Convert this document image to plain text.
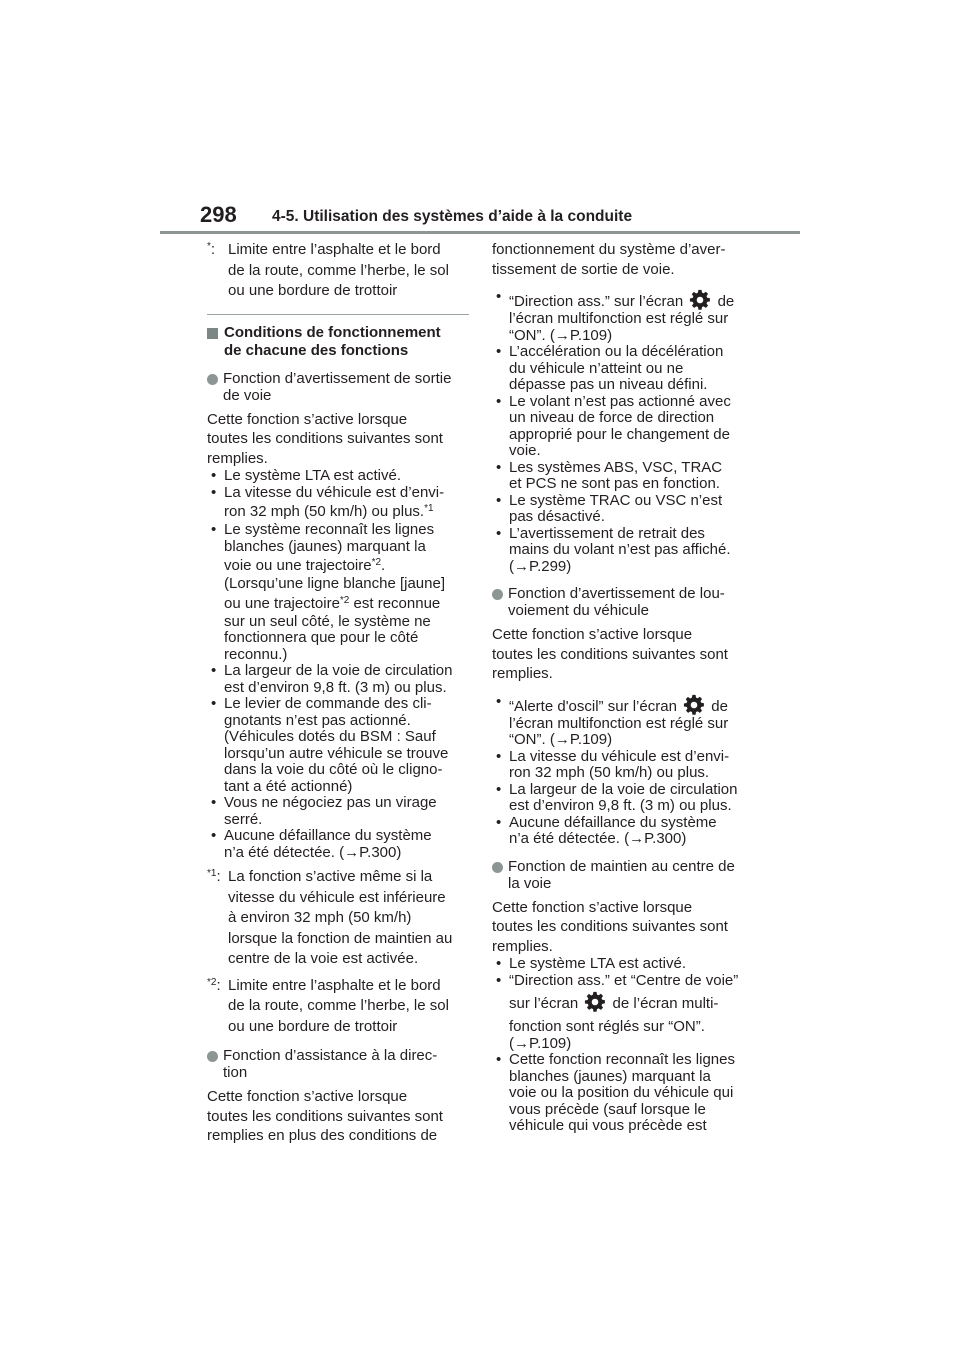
298 4-5. Utilisation des systèmes d’aide à la conduite
*: Limite entre l’asphalte et le bord
de la route, comme l’herbe, le sol
ou une bordure de trottoir
Conditions de fonctionnement
de chacune des fonctions
Fonction d’avertissement de sortie
de voie

Cette fonction s’active lorsque

toutes les conditions suivantes sont

remplies.

• Le système LTA est activé.
• La vitesse du véhicule est d’envi-
ron 32 mph (50 km/h) ou plus.$^{*1}$
• Le système reconnaît les lignes
blanches (jaunes) marquant la
voie ou une trajectoire$^{*2}$.
(Lorsqu’une ligne blanche [jaune]
ou une trajectoire$^{*2}$ est reconnue
sur un seul côté, le système ne
fonctionnera que pour le côté
reconnu.)
• La largeur de la voie de circulation
est d’environ 9,8 ft. (3 m) ou plus.
• Le levier de commande des cli-
gnotants n’est pas actionné.
(Véhicules dotés du BSM : Sauf
lorsqu’un autre véhicule se trouve
dans la voie du côté où le cligno-
tant a été actionné)
• Vous ne négociez pas un virage
serré.
• Aucune défaillance du système
n’a été détectée. (→P.300)
$^{*1}$: La fonction s’active même si la
vitesse du véhicule est inférieure
à environ 32 mph (50 km/h)
lorsque la fonction de maintien au
centre de la voie est activée.
$^{*2}$: Limite entre l’asphalte et le bord
de la route, comme l’herbe, le sol
ou une bordure de trottoir
Fonction d’assistance à la direc-
tion

Cette fonction s’active lorsque

toutes les conditions suivantes sont

remplies en plus des conditions de

fonctionnement du système d’aver-

tissement de sortie de voie.

• “Direction ass.” sur l’écran de
l’écran multifonction est réglé sur
“ON”. (→P.109)
• L’accélération ou la décélération
du véhicule n’atteint ou ne
dépasse pas un niveau défini.
• Le volant n’est pas actionné avec
un niveau de force de direction
approprié pour le changement de
voie.
• Les systèmes ABS, VSC, TRAC
et PCS ne sont pas en fonction.
• Le système TRAC ou VSC n’est
pas désactivé.
• L’avertissement de retrait des
mains du volant n’est pas affiché.
(→P.299)
Fonction d’avertissement de lou-
voiement du véhicule

Cette fonction s’active lorsque

toutes les conditions suivantes sont

remplies.

• “Alerte d'oscil” sur l’écran de
l’écran multifonction est réglé sur
“ON”. (→P.109)
• La vitesse du véhicule est d’envi-
ron 32 mph (50 km/h) ou plus.
• La largeur de la voie de circulation
est d’environ 9,8 ft. (3 m) ou plus.
• Aucune défaillance du système
n’a été détectée. (→P.300)
Fonction de maintien au centre de
la voie

Cette fonction s’active lorsque

toutes les conditions suivantes sont

remplies.

• Le système LTA est activé.
• “Direction ass.” et “Centre de voie”
sur l’écran de l’écran multi-
fonction sont réglés sur “ON”.
(→P.109)
• Cette fonction reconnaît les lignes
blanches (jaunes) marquant la
voie ou la position du véhicule qui
vous précède (sauf lorsque le
véhicule qui vous précède est
